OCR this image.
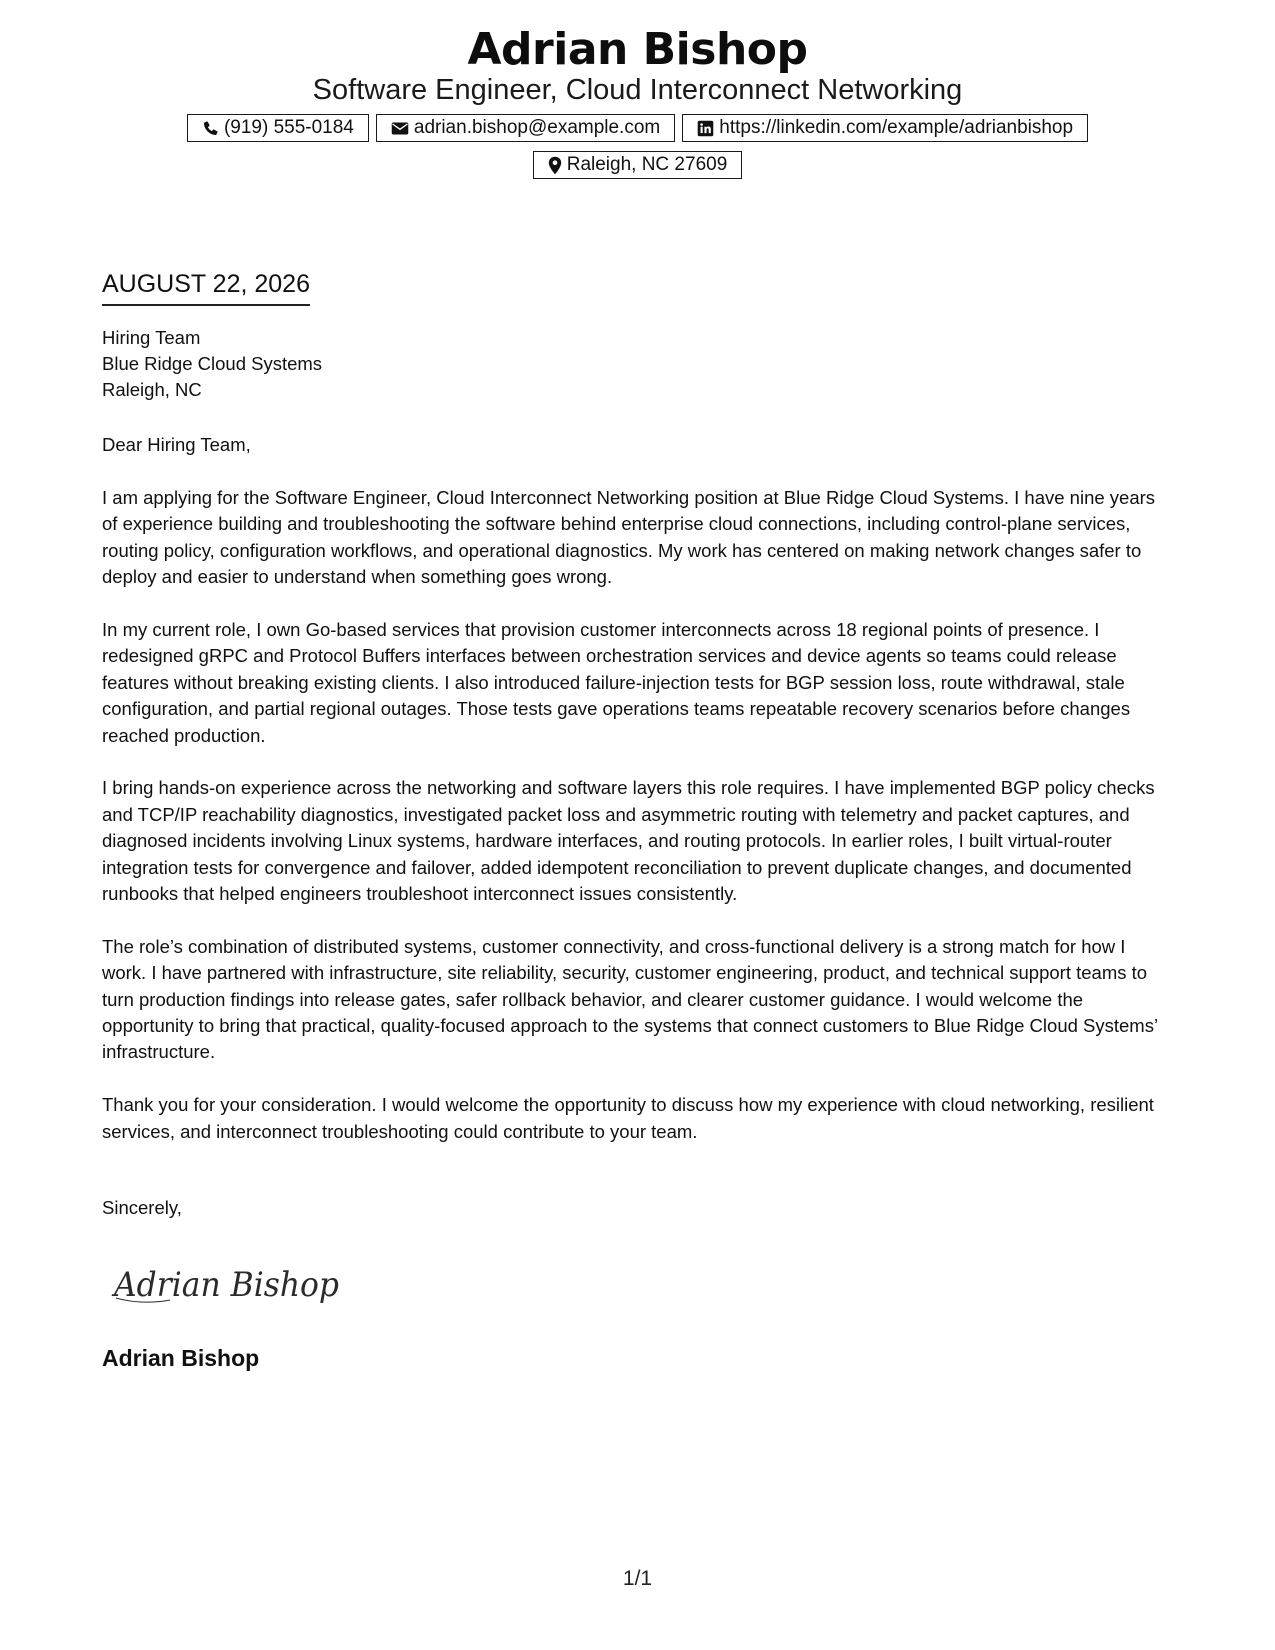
Adrian Bishop
Software Engineer, Cloud Interconnect Networking
(919) 555-0184	adrian.bishop@example.com	https://linkedin.com/example/adrianbishop
Raleigh, NC 27609
AUGUST 22, 2026
Hiring Team
Blue Ridge Cloud Systems
Raleigh, NC
Dear Hiring Team,

I am applying for the Software Engineer, Cloud Interconnect Networking position at Blue Ridge Cloud Systems. I have nine years of experience building and troubleshooting the software behind enterprise cloud connections, including control-plane services, routing policy, configuration workflows, and operational diagnostics. My work has centered on making network changes safer to deploy and easier to understand when something goes wrong.

In my current role, I own Go-based services that provision customer interconnects across 18 regional points of presence. I redesigned gRPC and Protocol Buffers interfaces between orchestration services and device agents so teams could release features without breaking existing clients. I also introduced failure-injection tests for BGP session loss, route withdrawal, stale configuration, and partial regional outages. Those tests gave operations teams repeatable recovery scenarios before changes reached production.

I bring hands-on experience across the networking and software layers this role requires. I have implemented BGP policy checks and TCP/IP reachability diagnostics, investigated packet loss and asymmetric routing with telemetry and packet captures, and diagnosed incidents involving Linux systems, hardware interfaces, and routing protocols. In earlier roles, I built virtual-router integration tests for convergence and failover, added idempotent reconciliation to prevent duplicate changes, and documented runbooks that helped engineers troubleshoot interconnect issues consistently.

The role’s combination of distributed systems, customer connectivity, and cross-functional delivery is a strong match for how I work. I have partnered with infrastructure, site reliability, security, customer engineering, product, and technical support teams to turn production findings into release gates, safer rollback behavior, and clearer customer guidance. I would welcome the opportunity to bring that practical, quality-focused approach to the systems that connect customers to Blue Ridge Cloud Systems’ infrastructure.

Thank you for your consideration. I would welcome the opportunity to discuss how my experience with cloud networking, resilient services, and interconnect troubleshooting could contribute to your team.

Sincerely,
Adrian Bishop
Adrian Bishop
1/1
